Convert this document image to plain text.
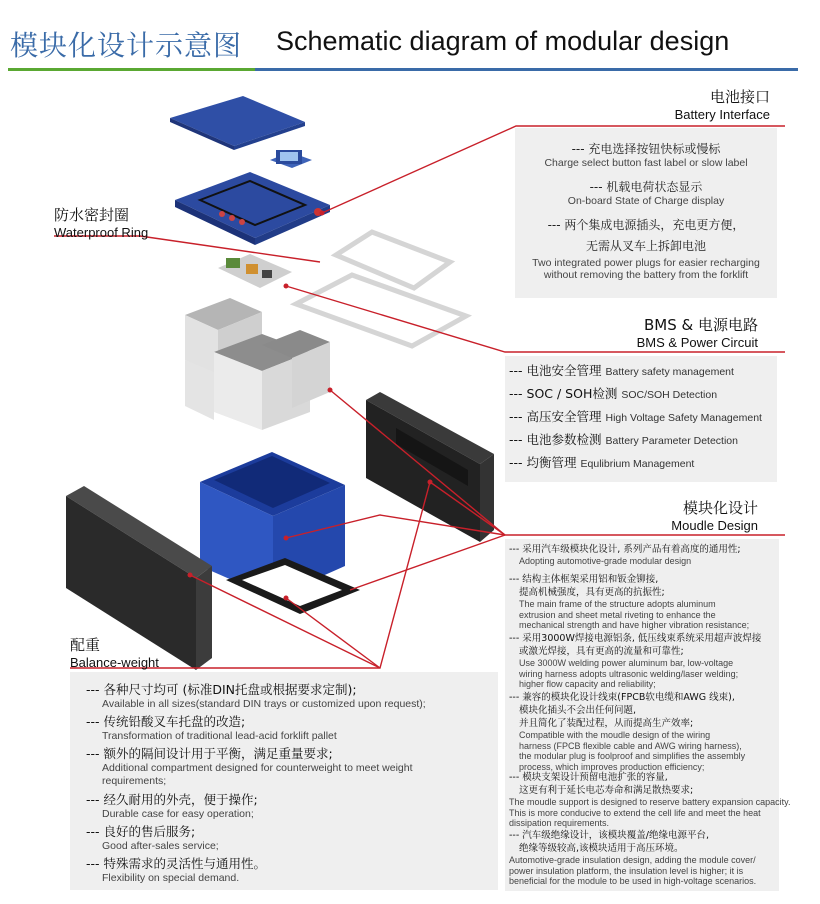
模块化设计示意图 Schematic diagram of modular design
电池接口
Battery Interface
--- 充电选择按钮快标或慢标
Charge select button fast label or slow label
--- 机载电荷状态显示
On-board State of Charge display
--- 两个集成电源插头，充电更方便，
无需从叉车上拆卸电池
Two integrated power plugs for easier recharging
without removing the battery from the forklift
防水密封圈
Waterproof Ring
BMS & 电源电路
BMS & Power Circuit
--- 电池安全管理 Battery safety management
--- SOC / SOH检测 SOC/SOH Detection
--- 高压安全管理 High Voltage Safety Management
--- 电池参数检测 Battery Parameter Detection
--- 均衡管理 Equlibrium Management
模块化设计
Moudle Design
--- 采用汽车级模块化设计, 系列产品有着高度的通用性;
Adopting automotive-grade modular design
--- 结构主体框架采用铝和钣金铆接,
提高机械强度，具有更高的抗振性;
The main frame of the structure adopts aluminum
extrusion and sheet metal riveting to enhance the
mechanical strength and have higher vibration resistance;
--- 采用3000W焊接电源铝条, 低压线束系统采用超声波焊接
或激光焊接，具有更高的流量和可靠性;
Use 3000W welding power aluminum bar, low-voltage
wiring harness adopts ultrasonic welding/laser welding;
higher flow capacity and reliability;
--- 兼容的模块化设计线束(FPCB软电缆和AWG 线束),
模块化插头不会出任何问题,
并且简化了装配过程，从而提高生产效率;
Compatible with the moudle design of the wiring
harness (FPCB flexible cable and AWG wiring harness),
the modular plug is foolproof and simplifies the assembly
process, which improves production efficiency;
--- 模块支架设计预留电池扩张的容量,
这更有利于延长电芯寿命和满足散热要求;
The moudle support is designed to reserve battery expansion capacity.
This is more conducive to extend the cell life and meet the heat
dissipation requirements.
--- 汽车级绝缘设计，该模块覆盖/绝缘电源平台,
绝缘等级较高,该模块适用于高压环境。
Automotive-grade insulation design, adding the module cover/
power insulation platform, the insulation level is higher; it is
beneficial for the module to be used in high-voltage scenarios.
配重
Balance-weight
--- 各种尺寸均可 (标准DIN托盘或根据要求定制);
Available in all sizes(standard DIN trays or customized upon request);
--- 传统铅酸叉车托盘的改造;
Transformation of traditional lead-acid forklift pallet
--- 额外的隔间设计用于平衡，满足重量要求;
Additional compartment designed for counterweight to meet weight
requirements;
--- 经久耐用的外壳，便于操作;
Durable case for easy operation;
--- 良好的售后服务;
Good after-sales service;
--- 特殊需求的灵活性与通用性。
Flexibility on special demand.
